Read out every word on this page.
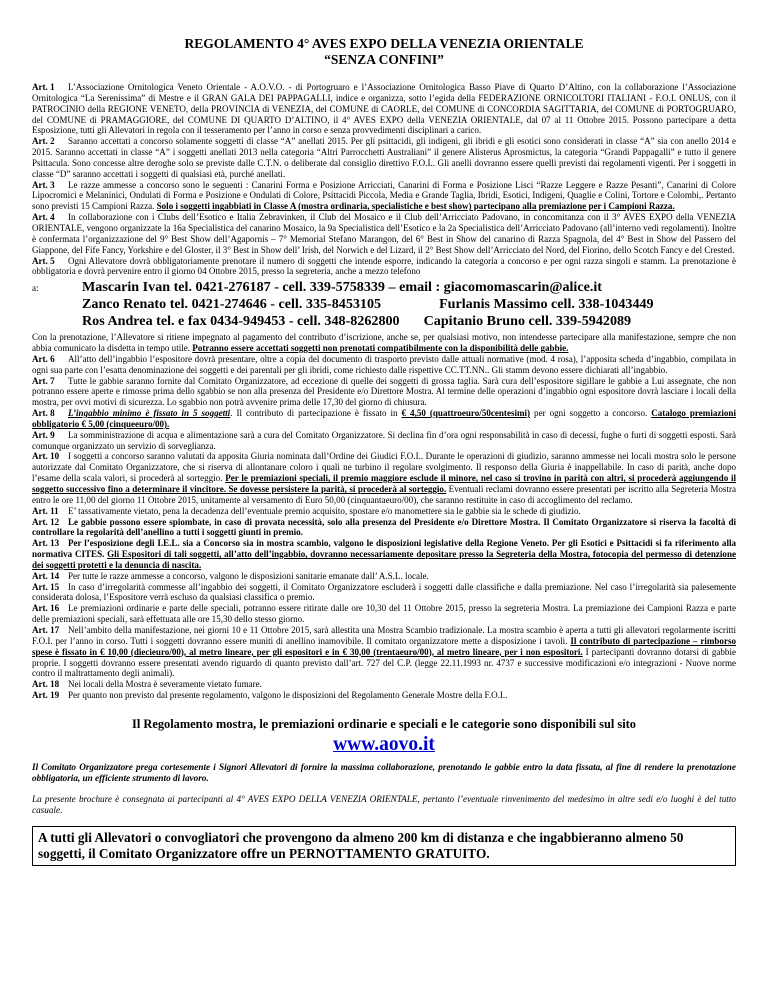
REGOLAMENTO 4° AVES EXPO DELLA VENEZIA ORIENTALE
“SENZA CONFINI”

Art. 1 L’Associazione Ornitologica Veneto Orientale - A.O.V.O. - di Portogruaro e l’Associazione Ornitologica Basso Piave di Quarto D’Altino, con la collaborazione l’Associazione Ornitologica “La Serenissima” di Mestre e il GRAN GALA DEI PAPPAGALLI, indice e organizza, sotto l’egida della FEDERAZIONE ORNICOLTORI ITALIANI - F.O.I. ONLUS, con il PATROCINIO della REGIONE VENETO, della PROVINCIA di VENEZIA, del COMUNE di CAORLE, del COMUNE di CONCORDIA SAGITTARIA, del COMUNE di PORTOGRUARO, del COMUNE di PRAMAGGIORE, del COMUNE DI QUARTO D’ALTINO, il 4° AVES EXPO della VENEZIA ORIENTALE, dal 07 al 11 Ottobre 2015. Possono partecipare a detta Esposizione, tutti gli Allevatori in regola con il tesseramento per l’anno in corso e senza provvedimenti disciplinari a carico.

Art. 2 Saranno accettati a concorso solamente soggetti di classe “A” anellati 2015. Per gli psittacidi, gli indigeni, gli ibridi e gli esotici sono considerati in classe “A” sia con anello 2014 e 2015. Saranno accettati in classe “A” i soggetti anellati 2013 nella categoria “Altri Parrocchetti Australiani” il genere Alisterus Aprosmictus, la categoria “Grandi Pappagalli” e tutto il genere Psittacula. Sono concesse altre deroghe solo se previste dalle C.T.N. o deliberate dal consiglio direttivo F.O.I.. Gli anelli dovranno essere quelli previsti dai regolamenti vigenti. Per i soggetti in classe “D” saranno accettati i soggetti di qualsiasi età, purché anellati.

Art. 3 Le razze ammesse a concorso sono le seguenti : Canarini Forma e Posizione Arricciati, Canarini di Forma e Posizione Lisci “Razze Leggere e Razze Pesanti”, Canarini di Colore Lipocromici e Melaninici, Ondulati di Forma e Posizione e Ondulati di Colore, Psittacidi Piccola, Media e Grande Taglia, Ibridi, Esotici, Indigeni, Quaglie e Colini, Tortore e Colombi,. Pertanto sono previsti 15 Campioni Razza. Solo i soggetti ingabbiati in Classe A (mostra ordinaria, specialistiche e best show) partecipano alla premiazione per i Campioni Razza.

Art. 4 In collaborazione con i Clubs dell’Esotico e Italia Zebravinken, il Club del Mosaico e il Club dell’Arricciato Padovano, in concomitanza con il 3° AVES EXPO della VENEZIA ORIENTALE, vengono organizzate la 16a Specialistica del canarino Mosaico, la 9a Specialistica dell’Esotico e la 2a Specialistica dell’Arricciato Padovano (all’interno vedi regolamenti). Inoltre è confermata l’organizzazione del 9° Best Show dell’Agapornis – 7° Memorial Stefano Marangon, del 6° Best in Show del canarino di Razza Spagnola, del 4° Best in Show del Passero del Giappone, del Fife Fancy, Yorkshire e del Gloster, il 3° Best in Show dell’ Irish, del Norwich e del Lizard, il 2° Best Show dell’Arricciato del Nord, del Fiorino, dello Scotch Fancy e del Crested.

Art. 5 Ogni Allevatore dovrà obbligatoriamente prenotare il numero di soggetti che intende esporre, indicando la categoria a concorso e per ogni razza singoli e stamm. La prenotazione è obbligatoria e dovrà pervenire entro il giorno 04 Ottobre 2015, presso la segreteria, anche a mezzo telefono

a:	Mascarin Ivan tel. 0421-276187 - cell. 339-5758339 – email : giacomomascarin@alice.it
Zanco Renato tel. 0421-274646 - cell. 335-8453105	Furlanis Massimo cell. 338-1043449
Ros Andrea tel. e fax 0434-949453 - cell. 348-8262800 Capitanio Bruno cell. 339-5942089

Con la prenotazione, l’Allevatore si ritiene impegnato al pagamento del contributo d’iscrizione, anche se, per qualsiasi motivo, non intendesse partecipare alla manifestazione, sempre che non abbia comunicato la disdetta in tempo utile. Potranno essere accettati soggetti non prenotati compatibilmente con la disponibilità delle gabbie.

Art. 6 All’atto dell’ingabbio l’espositore dovrà presentare, oltre a copia del documento di trasporto previsto dalle attuali normative (mod. 4 rosa), l’apposita scheda d’ingabbio, compilata in ogni sua parte con l’esatta denominazione dei soggetti e dei parentali per gli ibridi, come richiesto dalle rispettive CC.TT.NN.. Gli stamm devono essere dichiarati all’ingabbio.

Art. 7 Tutte le gabbie saranno fornite dal Comitato Organizzatore, ad eccezione di quelle dei soggetti di grossa taglia. Sarà cura dell’espositore sigillare le gabbie a Lui assegnate, che non potranno essere aperte e rimosse prima dello sgabbio se non alla presenza del Presidente e/o Direttore Mostra. Al termine delle operazioni d’ingabbio ogni espositore dovrà lasciare i locali della mostra, per ovvi motivi di sicurezza. Lo sgabbio non potrà avvenire prima delle 17,30 del giorno di chiusura.

Art. 8 L’ingabbio minimo è fissato in 5 soggetti. Il contributo di partecipazione è fissato in € 4,50 (quattroeuro/50centesimi) per ogni soggetto a concorso. Catalogo premiazioni obbligatorio € 5,00 (cinqueeuro/00).

Art. 9 La somministrazione di acqua e alimentazione sarà a cura del Comitato Organizzatore. Si declina fin d’ora ogni responsabilità in caso di decessi, fughe o furti di soggetti esposti. Sarà comunque organizzato un servizio di sorveglianza.

Art. 10 I soggetti a concorso saranno valutati da apposita Giuria nominata dall’Ordine dei Giudici F.O.I.. Durante le operazioni di giudizio, saranno ammesse nei locali mostra solo le persone autorizzate dal Comitato Organizzatore, che si riserva di allontanare coloro i quali ne turbino il regolare svolgimento. Il responso della Giuria è inappellabile. In caso di parità, anche dopo l’esame della scala valori, si procederà al sorteggio. Per le premiazioni speciali, il premio maggiore esclude il minore, nel caso si trovino in parità con altri, si procederà aggiungendo il soggetto successivo fino a determinare il vincitore. Se dovesse persistere la parità, si procederà al sorteggio. Eventuali reclami dovranno essere presentati per iscritto alla Segreteria Mostra entro le ore 11,00 del giorno 11 Ottobre 2015, unitamente al versamento di Euro 50,00 (cinquantaeuro/00), che saranno restituite in caso di accoglimento del reclamo.

Art. 11 E’ tassativamente vietato, pena la decadenza dell’eventuale premio acquisito, spostare e/o manomettere sia le gabbie sia le schede di giudizio.

Art. 12 Le gabbie possono essere spiombate, in caso di provata necessità, solo alla presenza del Presidente e/o Direttore Mostra. Il Comitato Organizzatore si riserva la facoltà di controllare la regolarità dell’anellino a tutti i soggetti giunti in premio.

Art. 13 Per l’esposizione degli I.E.L. sia a Concorso sia in mostra scambio, valgono le disposizioni legislative della Regione Veneto. Per gli Esotici e Psittacidi si fa riferimento alla normativa CITES. Gli Espositori di tali soggetti, all’atto dell’ingabbio, dovranno necessariamente depositare presso la Segreteria della Mostra, fotocopia del permesso di detenzione dei soggetti protetti e la denuncia di nascita.

Art. 14 Per tutte le razze ammesse a concorso, valgono le disposizioni sanitarie emanate dall’ A.S.L. locale.

Art. 15 In caso d’irregolarità commesse all’ingabbio dei soggetti, il Comitato Organizzatore escluderà i soggetti dalle classifiche e dalla premiazione. Nel caso l’irregolarità sia palesemente considerata dolosa, l’Espositore verrà escluso da qualsiasi classifica o premio.

Art. 16 Le premiazioni ordinarie e parte delle speciali, potranno essere ritirate dalle ore 10,30 del 11 Ottobre 2015, presso la segreteria Mostra. La premiazione dei Campioni Razza e parte delle premiazioni speciali, sarà effettuata alle ore 15,30 dello stesso giorno.

Art. 17 Nell’ambito della manifestazione, nei giorni 10 e 11 Ottobre 2015, sarà allestita una Mostra Scambio tradizionale. La mostra scambio è aperta a tutti gli allevatori regolarmente iscritti F.O.I. per l’anno in corso. Tutti i soggetti dovranno essere muniti di anellino inamovibile. Il comitato organizzatore mette a disposizione i tavoli. Il contributo di partecipazione – rimborso spese è fissato in € 10,00 (diecieuro/00), al metro lineare, per gli espositori e in € 30,00 (trentaeuro/00), al metro lineare, per i non espositori. I partecipanti dovranno dotarsi di gabbie proprie. I soggetti dovranno essere presentati avendo riguardo di quanto previsto dall’art. 727 del C.P. (legge 22.11.1993 nr. 4737 e successive modificazioni e/o integrazioni - Nuove norme contro il maltrattamento degli animali).

Art. 18 Nei locali della Mostra è severamente vietato fumare.

Art. 19 Per quanto non previsto dal presente regolamento, valgono le disposizioni del Regolamento Generale Mostre della F.O.I..

Il Regolamento mostra, le premiazioni ordinarie e speciali e le categorie sono disponibili sul sito
www.aovo.it
Il Comitato Organizzatore prega cortesemente i Signori Allevatori di fornire la massima collaborazione, prenotando le gabbie entro la data fissata, al fine di rendere la prenotazione obbligatoria, un efficiente strumento di lavoro.
La presente brochure è consegnata ai partecipanti al 4° AVES EXPO DELLA VENEZIA ORIENTALE, pertanto l’eventuale rinvenimento del medesimo in altre sedi e/o luoghi è del tutto casuale.
A tutti gli Allevatori o convogliatori che provengono da almeno 200 km di distanza e che ingabbieranno almeno 50 soggetti, il Comitato Organizzatore offre un PERNOTTAMENTO GRATUITO.
